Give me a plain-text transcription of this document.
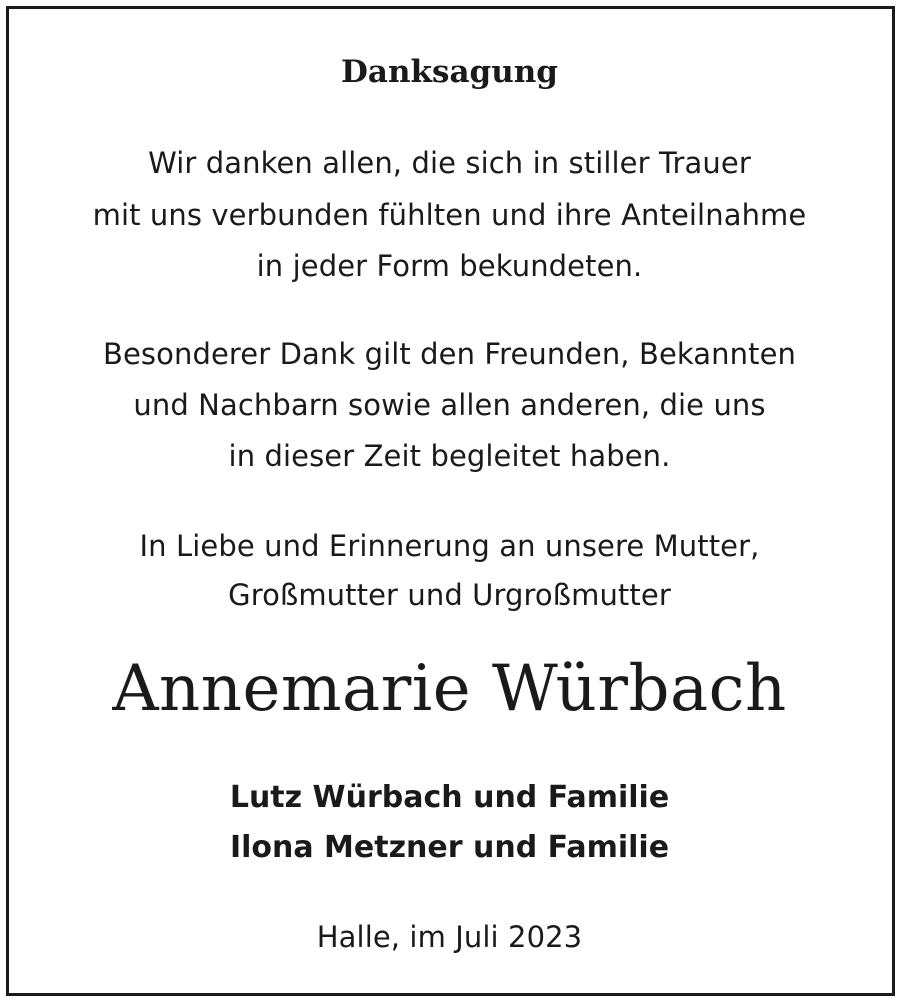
Danksagung
Wir danken allen, die sich in stiller Trauer
mit uns verbunden fühlten und ihre Anteilnahme
in jeder Form bekundeten.
Besonderer Dank gilt den Freunden, Bekannten
und Nachbarn sowie allen anderen, die uns
in dieser Zeit begleitet haben.
In Liebe und Erinnerung an unsere Mutter,
Großmutter und Urgroßmutter
Annemarie Würbach
Lutz Würbach und Familie
Ilona Metzner und Familie
Halle, im Juli 2023
